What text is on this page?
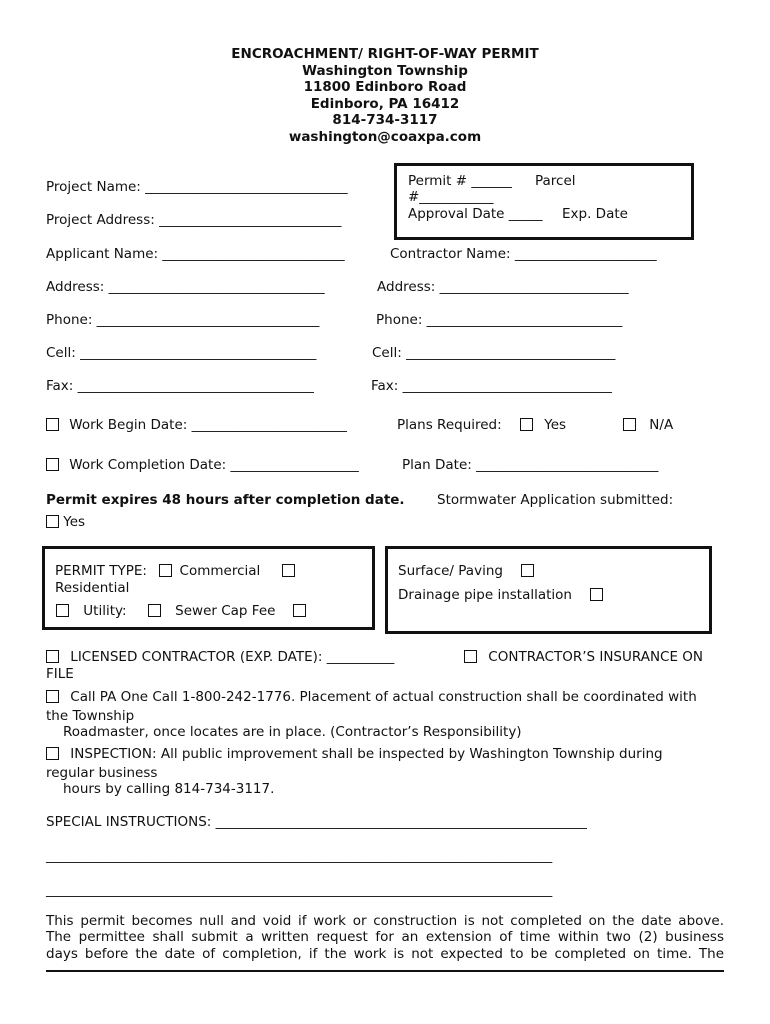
ENCROACHMENT/ RIGHT-OF-WAY PERMIT
Washington Township
11800 Edinboro Road
Edinboro, PA 16412
814-734-3117
washington@coaxpa.com
Project Name: ______________________________
Project Address: ___________________________
Permit # ______ Parcel
#___________
Approval Date _____ Exp. Date
Applicant Name: ___________________________	Contractor Name: _____________________
Address: ________________________________	Address: ____________________________
Phone: _________________________________	Phone: _____________________________
Cell: ___________________________________	Cell: _______________________________
Fax: ___________________________________	Fax: _______________________________
Work Begin Date: _______________________	Plans Required:	Yes	N/A
Work Completion Date: ___________________	Plan Date: ___________________________
Permit expires 48 hours after completion date. Stormwater Application submitted:
Yes
PERMIT TYPE: Commercial
Residential
Utility:	Sewer Cap Fee
Surface/ Paving
Drainage pipe installation
LICENSED CONTRACTOR (EXP. DATE): __________	CONTRACTOR’S INSURANCE ON
FILE
Call PA One Call 1-800-242-1776. Placement of actual construction shall be coordinated with
the Township
Roadmaster, once locates are in place. (Contractor’s Responsibility)
INSPECTION: All public improvement shall be inspected by Washington Township during
regular business
hours by calling 814-734-3117.
SPECIAL INSTRUCTIONS: _______________________________________________________
___________________________________________________________________________
___________________________________________________________________________
This permit becomes null and void if work or construction is not completed on the date above.
The permittee shall submit a written request for an extension of time within two (2) business
days before the date of completion, if the work is not expected to be completed on time. The
